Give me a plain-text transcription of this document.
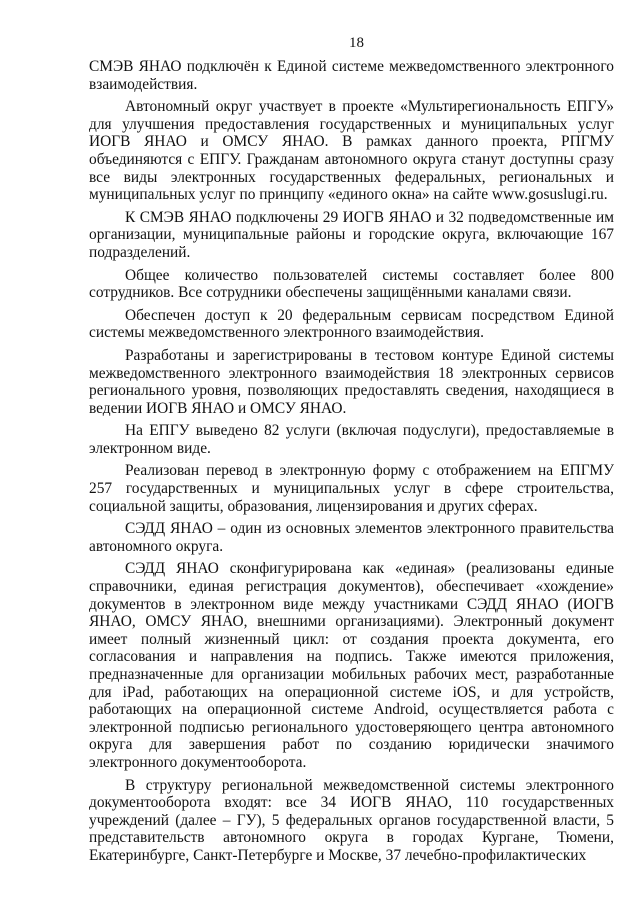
18

СМЭВ ЯНАО подключён к Единой системе межведомственного электронного взаимодействия.

Автономный округ участвует в проекте «Мультирегиональность ЕПГУ» для улучшения предоставления государственных и муниципальных услуг ИОГВ ЯНАО и ОМСУ ЯНАО. В рамках данного проекта, РПГМУ объединяются с ЕПГУ. Гражданам автономного округа станут доступны сразу все виды электронных государственных федеральных, региональных и муниципальных услуг по принципу «единого окна» на сайте www.gosuslugi.ru.

К СМЭВ ЯНАО подключены 29 ИОГВ ЯНАО и 32 подведомственные им организации, муниципальные районы и городские округа, включающие 167 подразделений.

Общее количество пользователей системы составляет более 800 сотрудников. Все сотрудники обеспечены защищёнными каналами связи.

Обеспечен доступ к 20 федеральным сервисам посредством Единой системы межведомственного электронного взаимодействия.

Разработаны и зарегистрированы в тестовом контуре Единой системы межведомственного электронного взаимодействия 18 электронных сервисов регионального уровня, позволяющих предоставлять сведения, находящиеся в ведении ИОГВ ЯНАО и ОМСУ ЯНАО.

На ЕПГУ выведено 82 услуги (включая подуслуги), предоставляемые в электронном виде.

Реализован перевод в электронную форму с отображением на ЕПГМУ 257 государственных и муниципальных услуг в сфере строительства, социальной защиты, образования, лицензирования и других сферах.

СЭДД ЯНАО – один из основных элементов электронного правительства автономного округа.

СЭДД ЯНАО сконфигурирована как «единая» (реализованы единые справочники, единая регистрация документов), обеспечивает «хождение» документов в электронном виде между участниками СЭДД ЯНАО (ИОГВ ЯНАО, ОМСУ ЯНАО, внешними организациями). Электронный документ имеет полный жизненный цикл: от создания проекта документа, его согласования и направления на подпись. Также имеются приложения, предназначенные для организации мобильных рабочих мест, разработанные для iPad, работающих на операционной системе iOS, и для устройств, работающих на операционной системе Android, осуществляется работа с электронной подписью регионального удостоверяющего центра автономного округа для завершения работ по созданию юридически значимого электронного документооборота.

В структуру региональной межведомственной системы электронного документооборота входят: все 34 ИОГВ ЯНАО, 110 государственных учреждений (далее – ГУ), 5 федеральных органов государственной власти, 5 представительств автономного округа в городах Кургане, Тюмени, Екатеринбурге, Санкт-Петербурге и Москве, 37 лечебно-профилактических
